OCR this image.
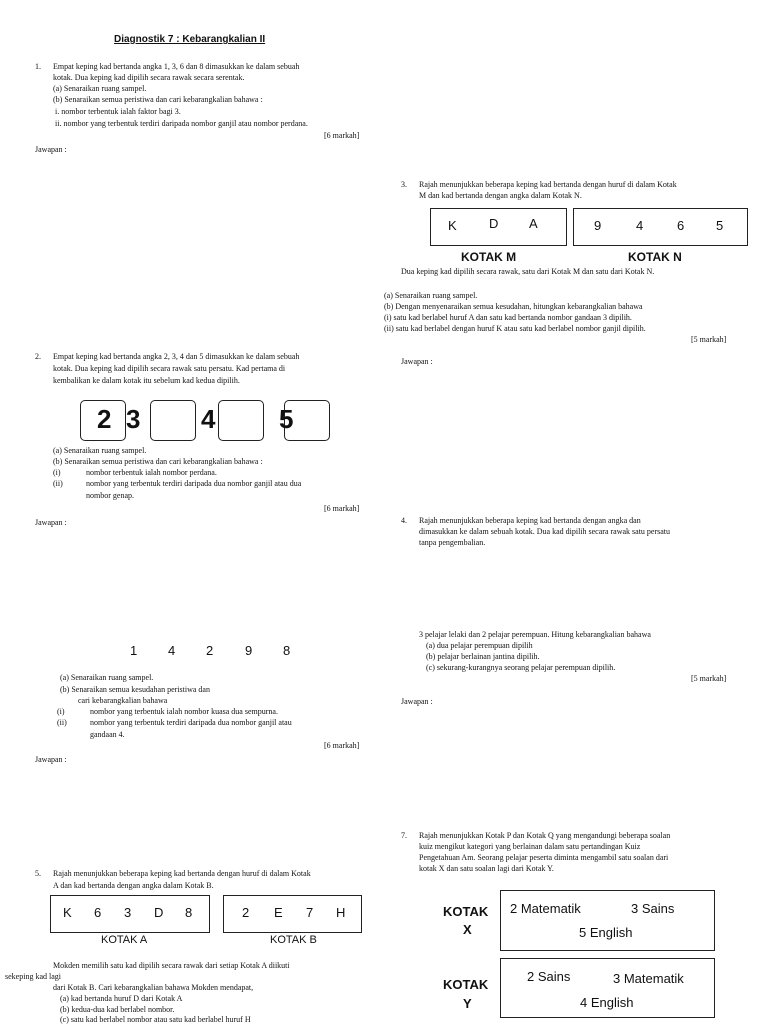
Diagnostik 7 : Kebarangkalian II
1. Empat keping kad bertanda angka 1, 3, 6 dan 8 dimasukkan ke dalam sebuah
kotak. Dua keping kad dipilih secara rawak secara serentak.
(a) Senaraikan ruang sampel.
(b) Senaraikan semua peristiwa dan cari kebarangkalian bahawa :
i. nombor terbentuk ialah faktor bagi 3.
ii. nombor yang terbentuk terdiri daripada nombor ganjil atau nombor perdana.
[6 markah]
Jawapan :
2. Empat keping kad bertanda angka 2, 3, 4 dan 5 dimasukkan ke dalam sebuah
kotak. Dua keping kad dipilih secara rawak satu persatu. Kad pertama di
kembalikan ke dalam kotak itu sebelum kad kedua dipilih.
2 3 4 5
(a) Senaraikan ruang sampel.
(b) Senaraikan semua peristiwa dan cari kebarangkalian bahawa :
(i)	nombor terbentuk ialah nombor perdana.
(ii)	nombor yang terbentuk terdiri daripada dua nombor ganjil atau dua
nombor genap.
[6 markah]
Jawapan :
1 4 2 9 8
(a) Senaraikan ruang sampel.
(b) Senaraikan semua kesudahan peristiwa dan
cari kebarangkalian bahawa
(i)	nombor yang terbentuk ialah nombor kuasa dua sempurna.
(ii)	nombor yang terbentuk terdiri daripada dua nombor ganjil atau
gandaan 4.
[6 markah]
Jawapan :
5. Rajah menunjukkan beberapa keping kad bertanda dengan huruf di dalam Kotak
A dan kad bertanda dengan angka dalam Kotak B.
K 6 3 D 8
KOTAK A
2 E 7 H
KOTAK B
Mokden memilih satu kad dipilih secara rawak dari setiap Kotak A diikuti
sekeping kad lagi
dari Kotak B. Cari kebarangkalian bahawa Mokden mendapat,
(a) kad bertanda huruf D dari Kotak A
(b) kedua-dua kad berlabel nombor.
(c) satu kad berlabel nombor atau satu kad berlabel huruf H
3. Rajah menunjukkan beberapa keping kad bertanda dengan huruf di dalam Kotak
M dan kad bertanda dengan angka dalam Kotak N.
K D A
KOTAK M
9	4	6 5
KOTAK N
Dua keping kad dipilih secara rawak, satu dari Kotak M dan satu dari Kotak N.
(a) Senaraikan ruang sampel.
(b) Dengan menyenaraikan semua kesudahan, hitungkan kebarangkalian bahawa
(i) satu kad berlabel huruf A dan satu kad bertanda nombor gandaan 3 dipilih.
(ii) satu kad berlabel dengan huruf K atau satu kad berlabel nombor ganjil dipilih.
[5 markah]
Jawapan :
4. Rajah menunjukkan beberapa keping kad bertanda dengan angka dan
dimasukkan ke dalam sebuah kotak. Dua kad dipilih secara rawak satu persatu
tanpa pengembalian.
3 pelajar lelaki dan 2 pelajar perempuan. Hitung kebarangkalian bahawa
(a) dua pelajar perempuan dipilih
(b) pelajar berlainan jantina dipilih.
(c) sekurang-kurangnya seorang pelajar perempuan dipilih.
[5 markah]
Jawapan :
7. Rajah menunjukkan Kotak P dan Kotak Q yang mengandungi beberapa soalan
kuiz mengikut kategori yang berlainan dalam satu pertandingan Kuiz
Pengetahuan Am. Seorang pelajar peserta diminta mengambil satu soalan dari
kotak X dan satu soalan lagi dari Kotak Y.
KOTAK
X
2 Matematik	3 Sains
5 English
KOTAK
Y
2 Sains	3 Matematik
4 English
